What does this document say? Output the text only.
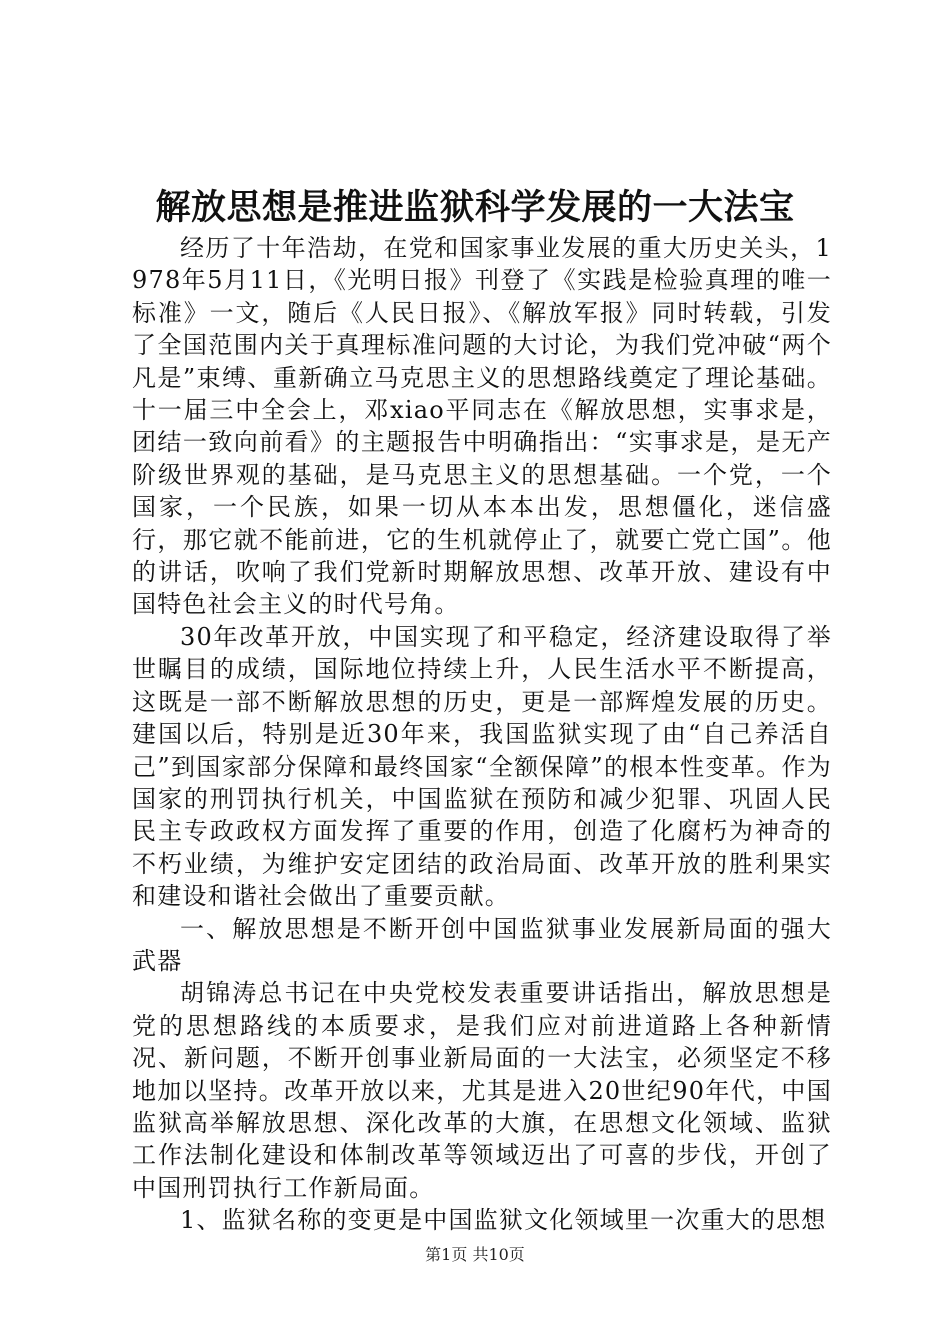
解放思想是推进监狱科学发展的一大法宝

经历了十年浩劫，在党和国家事业发展的重大历史关头，1978年5月11日，《光明日报》刊登了《实践是检验真理的唯一标准》一文，随后《人民日报》、《解放军报》同时转载，引发了全国范围内关于真理标准问题的大讨论，为我们党冲破“两个凡是”束缚、重新确立马克思主义的思想路线奠定了理论基础。十一届三中全会上，邓xiao平同志在《解放思想，实事求是，团结一致向前看》的主题报告中明确指出：“实事求是，是无产阶级世界观的基础，是马克思主义的思想基础。一个党，一个国家，一个民族，如果一切从本本出发，思想僵化，迷信盛行，那它就不能前进，它的生机就停止了，就要亡党亡国”。他的讲话，吹响了我们党新时期解放思想、改革开放、建设有中国特色社会主义的时代号角。

30年改革开放，中国实现了和平稳定，经济建设取得了举世瞩目的成绩，国际地位持续上升，人民生活水平不断提高，这既是一部不断解放思想的历史，更是一部辉煌发展的历史。建国以后，特别是近30年来，我国监狱实现了由“自己养活自己”到国家部分保障和最终国家“全额保障”的根本性变革。作为国家的刑罚执行机关，中国监狱在预防和减少犯罪、巩固人民民主专政政权方面发挥了重要的作用，创造了化腐朽为神奇的不朽业绩，为维护安定团结的政治局面、改革开放的胜利果实和建设和谐社会做出了重要贡献。

一、解放思想是不断开创中国监狱事业发展新局面的强大武器

胡锦涛总书记在中央党校发表重要讲话指出，解放思想是党的思想路线的本质要求，是我们应对前进道路上各种新情况、新问题，不断开创事业新局面的一大法宝，必须坚定不移地加以坚持。改革开放以来，尤其是进入20世纪90年代，中国监狱高举解放思想、深化改革的大旗，在思想文化领域、监狱工作法制化建设和体制改革等领域迈出了可喜的步伐，开创了中国刑罚执行工作新局面。

1、监狱名称的变更是中国监狱文化领域里一次重大的思想

第1页 共10页
